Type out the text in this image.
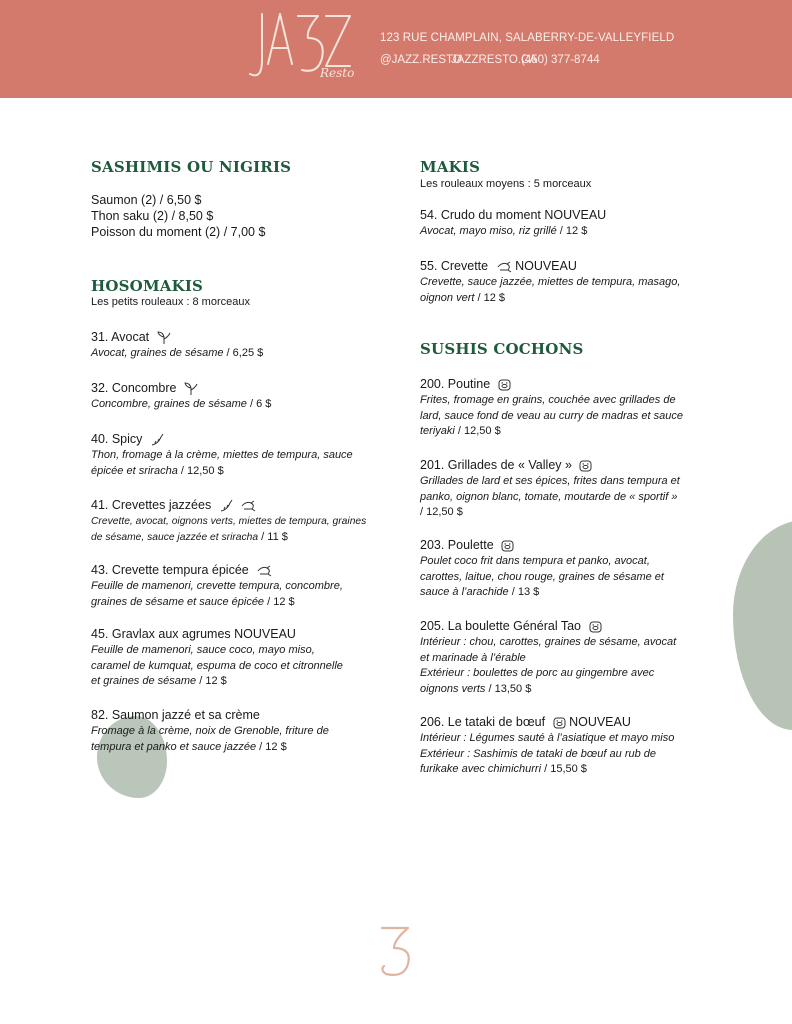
Resto
123 RUE CHAMPLAIN, SALABERRY-DE-VALLEYFIELD
@JAZZ.RESTO
JAZZRESTO.CA
(450) 377-8744
SASHIMIS OU NIGIRIS
Saumon (2) / 6,50 $
Thon saku (2) / 8,50 $
Poisson du moment (2) / 7,00 $
HOSOMAKIS
Les petits rouleaux : 8 morceaux
31. Avocat
Avocat, graines de sésame / 6,25 $
32. Concombre
Concombre, graines de sésame / 6 $
40. Spicy
Thon, fromage à la crème, miettes de tempura, sauce
épicée et sriracha / 12,50 $
41. Crevettes jazzées
Crevette, avocat, oignons verts, miettes de tempura, graines
de sésame, sauce jazzée et sriracha / 11 $
43. Crevette tempura épicée
Feuille de mamenori, crevette tempura, concombre,
graines de sésame et sauce épicée / 12 $
45. Gravlax aux agrumes NOUVEAU
Feuille de mamenori, sauce coco, mayo miso,
caramel de kumquat, espuma de coco et citronnelle
et graines de sésame / 12 $
82. Saumon jazzé et sa crème
Fromage à la crème, noix de Grenoble, friture de
tempura et panko et sauce jazzée / 12 $
MAKIS
Les rouleaux moyens : 5 morceaux
54. Crudo du moment NOUVEAU
Avocat, mayo miso, riz grillé / 12 $
55. Crevette NOUVEAU
Crevette, sauce jazzée, miettes de tempura, masago,
oignon vert / 12 $
SUSHIS COCHONS
200. Poutine
Frites, fromage en grains, couchée avec grillades de
lard, sauce fond de veau au curry de madras et sauce
teriyaki / 12,50 $
201. Grillades de « Valley »
Grillades de lard et ses épices, frites dans tempura et
panko, oignon blanc, tomate, moutarde de « sportif »
/ 12,50 $
203. Poulette
Poulet coco frit dans tempura et panko, avocat,
carottes, laitue, chou rouge, graines de sésame et
sauce à l’arachide / 13 $
205. La boulette Général Tao
Intérieur : chou, carottes, graines de sésame, avocat
et marinade à l’érable
Extérieur : boulettes de porc au gingembre avec
oignons verts / 13,50 $
206. Le tataki de bœuf NOUVEAU
Intérieur : Légumes sauté à l’asiatique et mayo miso
Extérieur : Sashimis de tataki de bœuf au rub de
furikake avec chimichurri / 15,50 $
